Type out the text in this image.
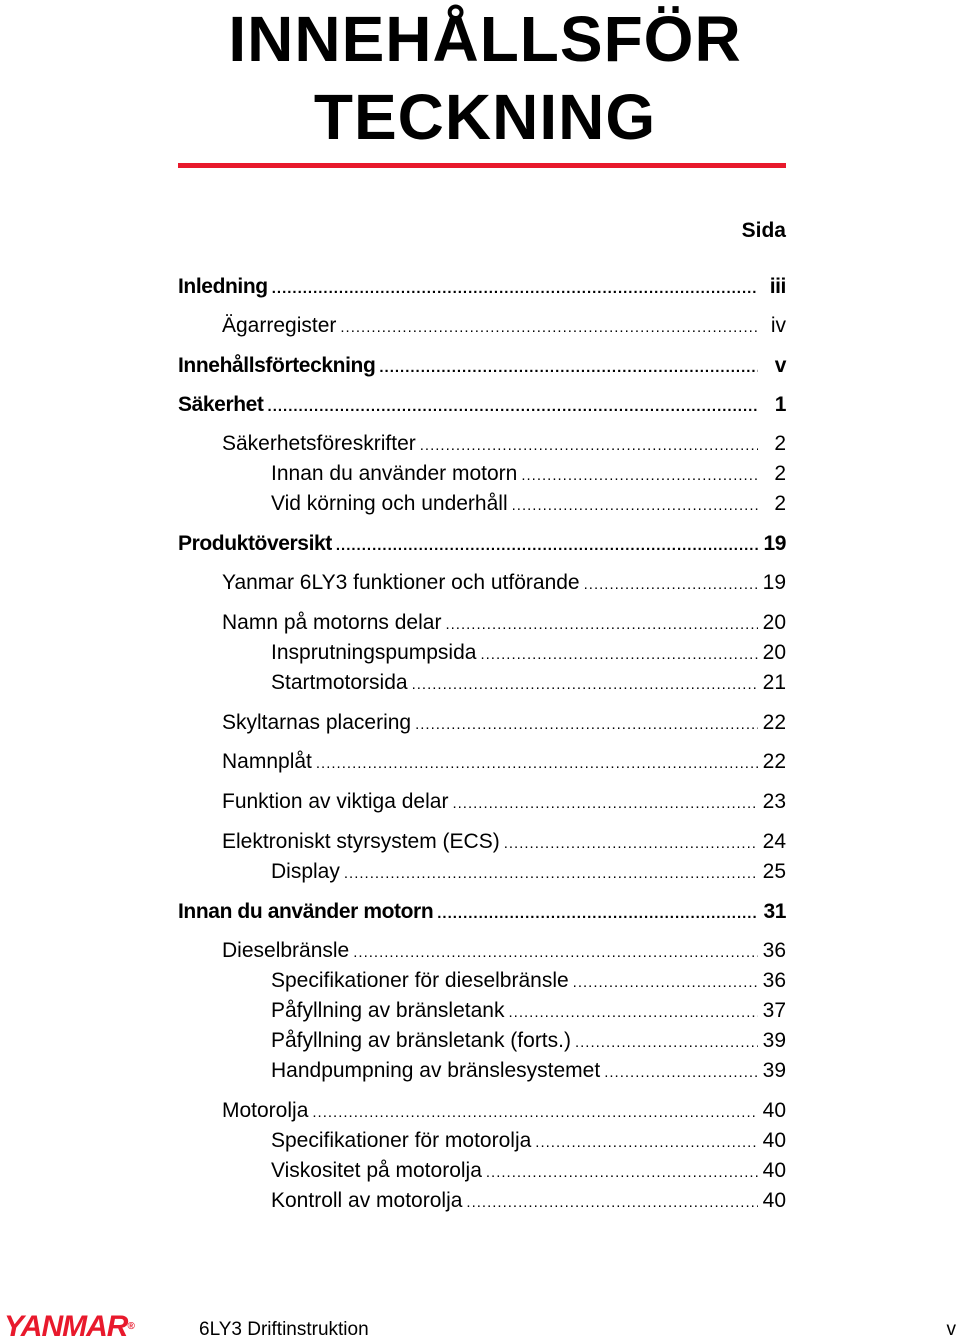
INNEHÅLLSFÖR
TECKNING
Sida
Inledning .....	iii
Ägarregister .....	iv
Innehållsförteckning .....	v
Säkerhet .....	1
Säkerhetsföreskrifter .....	2
Innan du använder motorn .....	2
Vid körning och underhåll .....	2
Produktöversikt .....	19
Yanmar 6LY3 funktioner och utförande .....	19
Namn på motorns delar .....	20
Insprutningspumpsida .....	20
Startmotorsida .....	21
Skyltarnas placering .....	22
Namnplåt .....	22
Funktion av viktiga delar .....	23
Elektroniskt styrsystem (ECS) .....	24
Display .....	25
Innan du använder motorn .....	31
Dieselbränsle .....	36
Specifikationer för dieselbränsle .....	36
Påfyllning av bränsletank .....	37
Påfyllning av bränsletank (forts.) .....	39
Handpumpning av bränslesystemet .....	39
Motorolja .....	40
Specifikationer för motorolja .....	40
Viskositet på motorolja .....	40
Kontroll av motorolja .....	40
YANMAR®	6LY3 Driftinstruktion	v
